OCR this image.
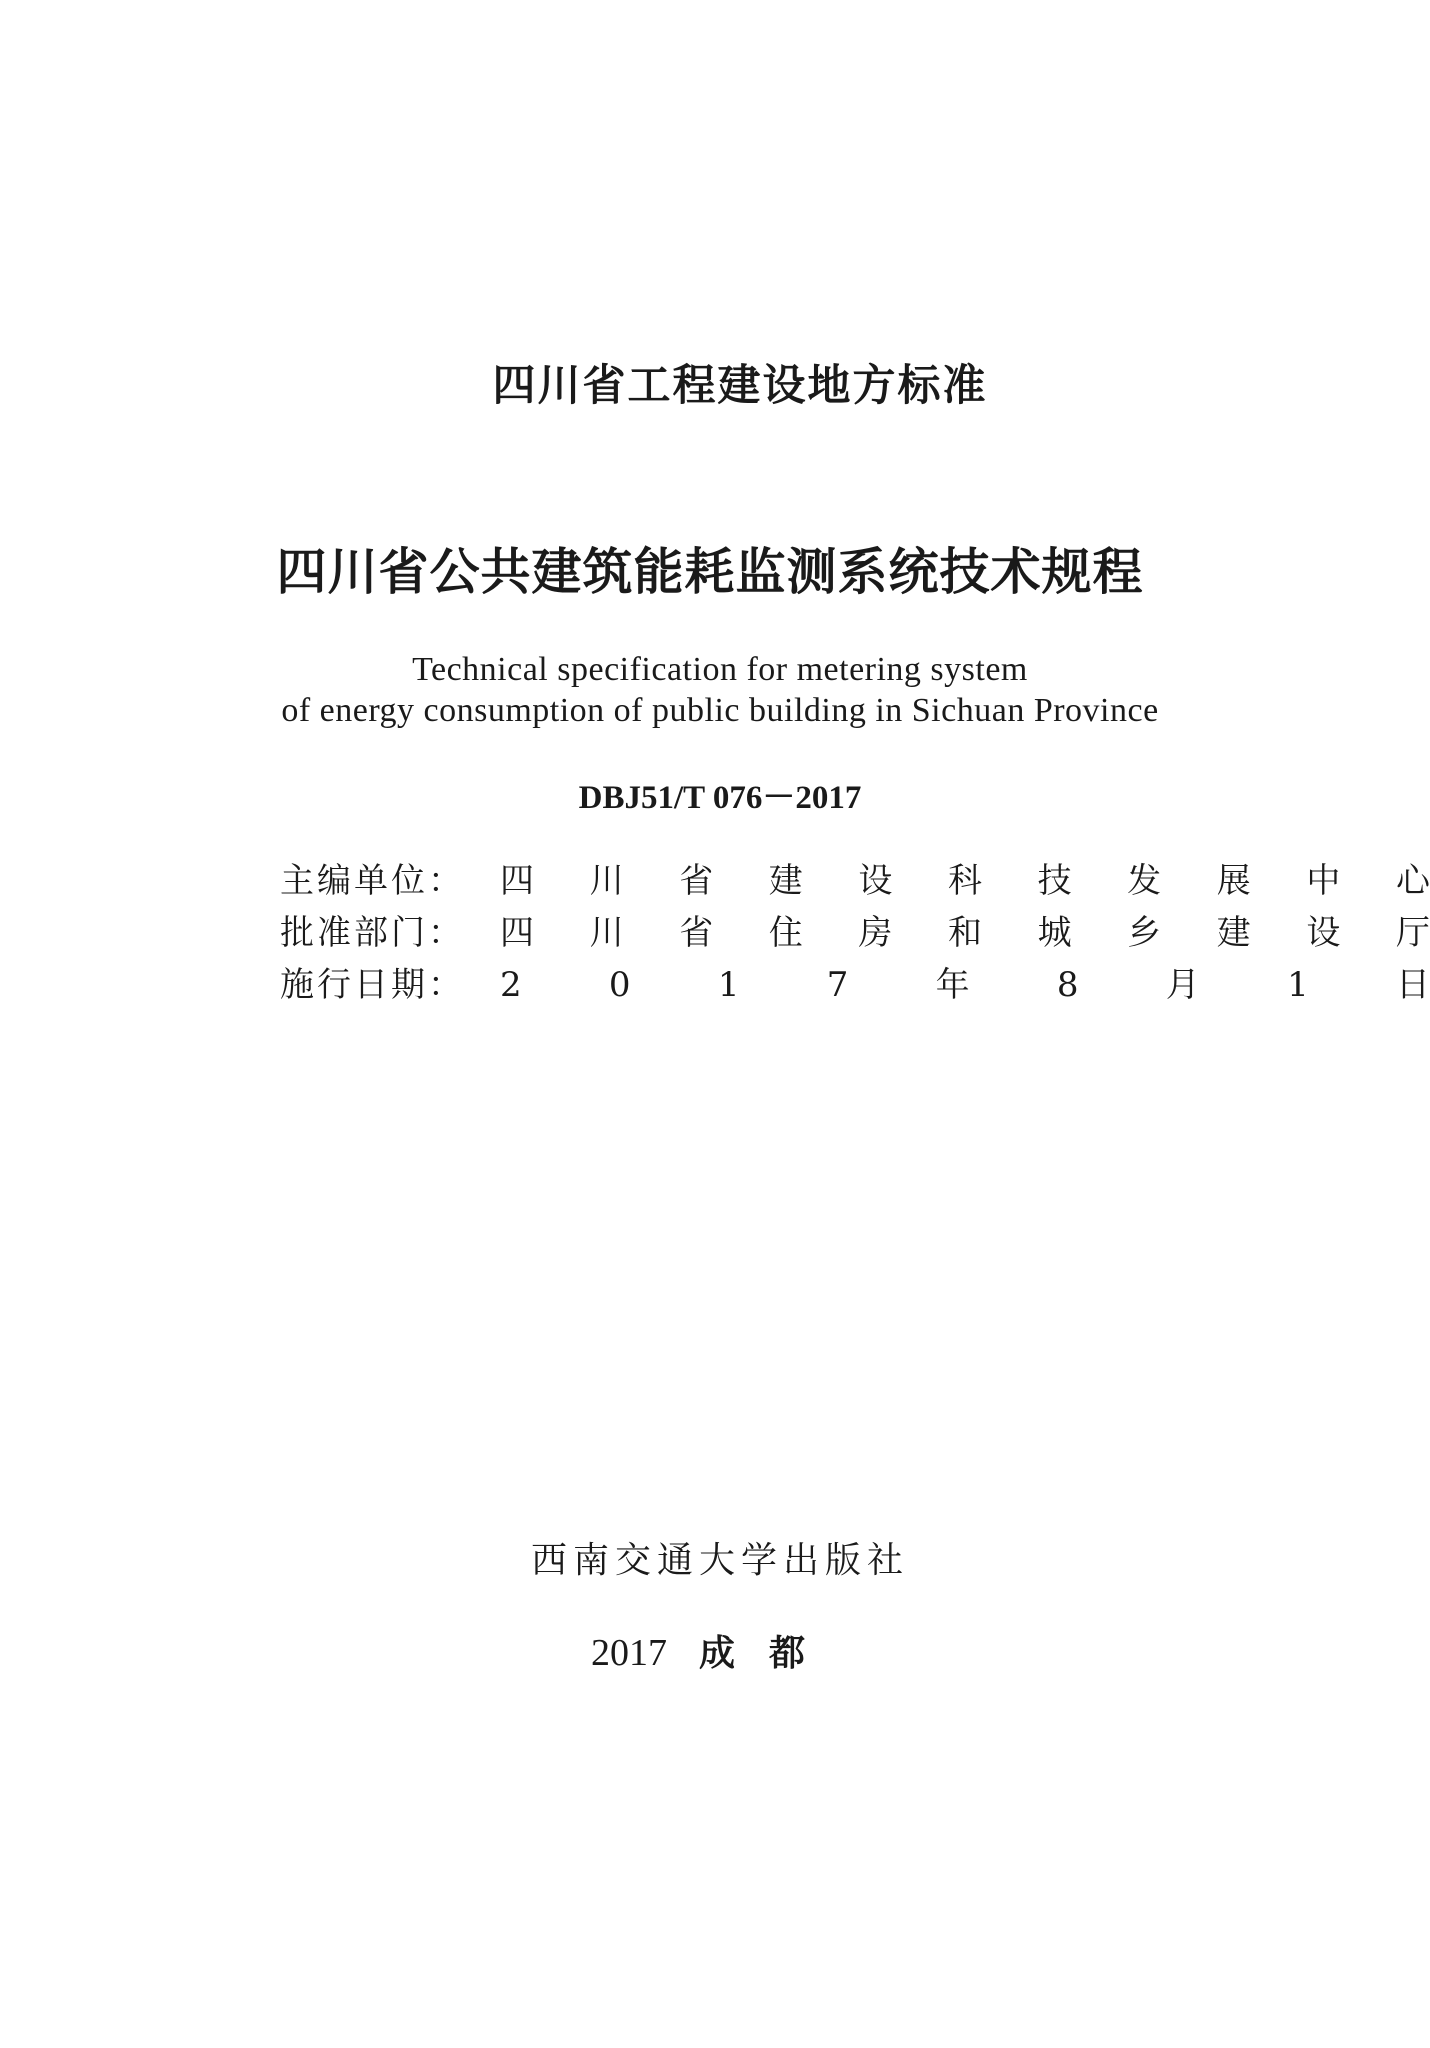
四川省工程建设地方标准
四川省公共建筑能耗监测系统技术规程
Technical specification for metering system
of energy consumption of public building in Sichuan Province
DBJ51/T 076－2017
主编单位： 四 川 省 建 设 科 技 发 展 中 心
批准部门： 四 川 省 住 房 和 城 乡 建 设 厅
施行日期： 2	0	1	7	年	8	月	1	日
西南交通大学出版社
2017 成都
